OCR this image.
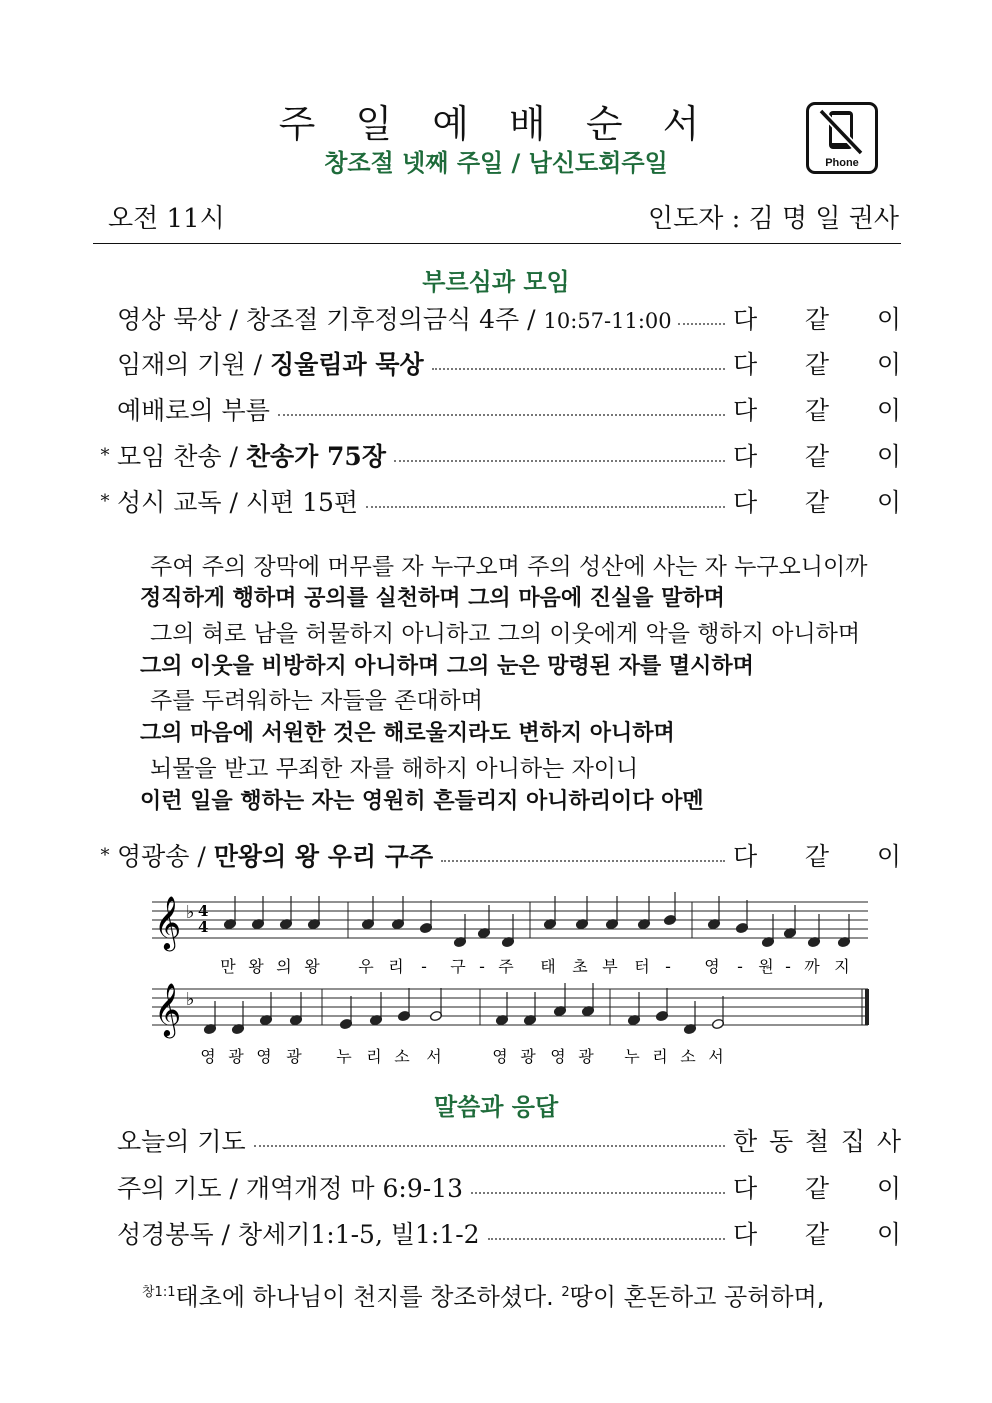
주 일 예 배 순 서
창조절 넷째 주일 / 남신도회주일	Phone
오전 11시	인도자 : 김 명 일 권사
부르심과 모임
영상 묵상 / 창조절 기후정의금식 4주 / 10:57-11:00 다 같 이
임재의 기원 / 징울림과 묵상	다 같 이
예배로의 부름	다 같 이
* 모임 찬송 / 찬송가 75장	다 같 이
* 성시 교독 / 시편 15편	다 같 이
주여 주의 장막에 머무를 자 누구오며 주의 성산에 사는 자 누구오니이까
정직하게 행하며 공의를 실천하며 그의 마음에 진실을 말하며
그의 혀로 남을 허물하지 아니하고 그의 이웃에게 악을 행하지 아니하며
그의 이웃을 비방하지 아니하며 그의 눈은 망령된 자를 멸시하며
주를 두려워하는 자들을 존대하며
그의 마음에 서원한 것은 해로울지라도 변하지 아니하며
뇌물을 받고 무죄한 자를 해하지 아니하는 자이니
이런 일을 행하는 자는 영원히 흔들리지 아니하리이다 아멘
* 영광송 / 만왕의 왕 우리 구주	다 같 이
4
4
𝄞 ♭
𝄞 ♭
만 왕 의 왕 우 리 - 구 - 주 태 초 부 터 - 영 - 원 - 까 지
영 광 영 광 누 리 소 서	영 광 영 광 누 리 소 서
말씀과 응답
오늘의 기도	한 동 철 집 사
주의 기도 / 개역개정 마 6:9-13	다 같 이
성경봉독 / 창세기1:1-5, 빌1:1-2	다 같 이
$^{창1:1}$태초에 하나님이 천지를 창조하셨다. $^2$땅이 혼돈하고 공허하며,
